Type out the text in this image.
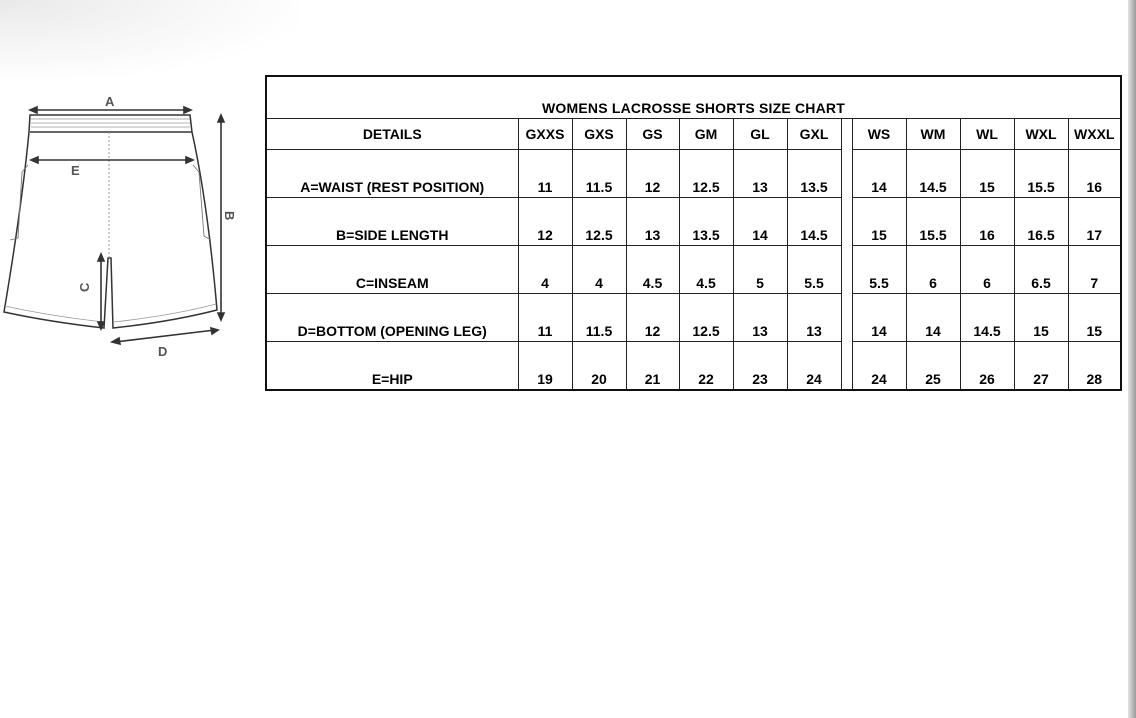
A
E
B
C
D
WOMENS LACROSSE SHORTS SIZE CHART												
DETAILS	GXXS	GXS	GS	GM	GL	GXL		WS	WM	WL	WXL	WXXL
A=WAIST (REST POSITION)	11	11.5	12	12.5	13	13.5		14	14.5	15	15.5	16
B=SIDE LENGTH	12	12.5	13	13.5	14	14.5		15	15.5	16	16.5	17
C=INSEAM	4	4	4.5	4.5	5	5.5		5.5	6	6	6.5	7
D=BOTTOM (OPENING LEG)	11	11.5	12	12.5	13	13		14	14	14.5	15	15
E=HIP	19	20	21	22	23	24		24	25	26	27	28
